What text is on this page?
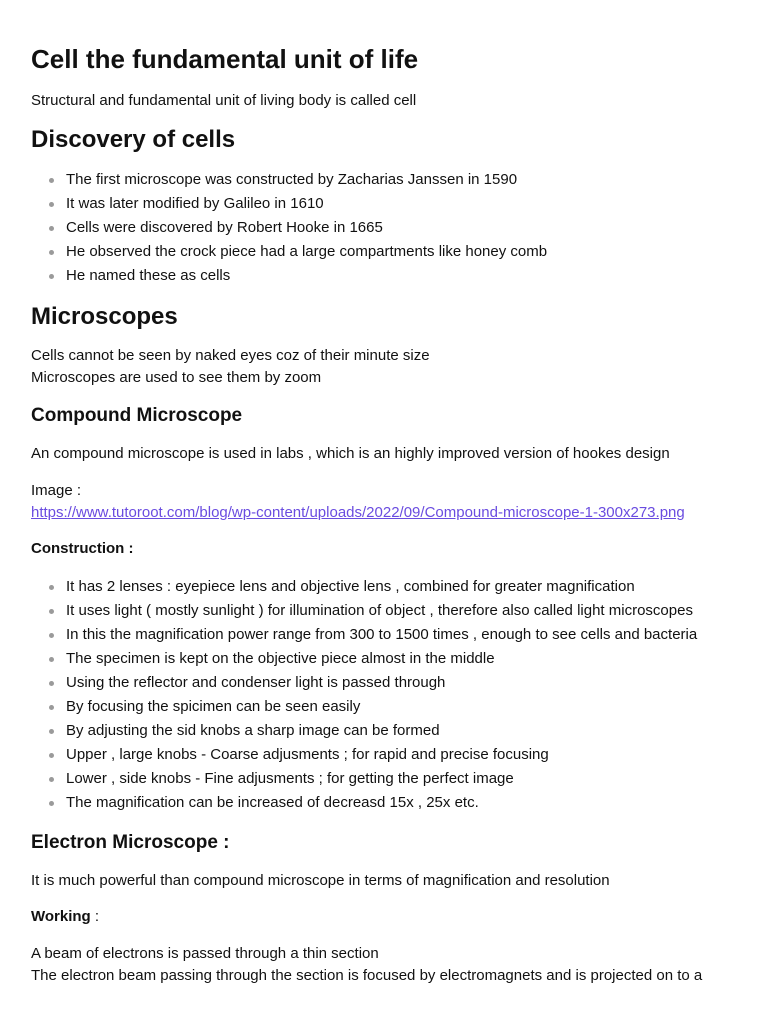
Cell the fundamental unit of life

Structural and fundamental unit of living body is called cell

Discovery of cells
The first microscope was constructed by Zacharias Janssen in 1590
It was later modified by Galileo in 1610
Cells were discovered by Robert Hooke in 1665
He observed the crock piece had a large compartments like honey comb
He named these as cells
Microscopes

Cells cannot be seen by naked eyes coz of their minute size

Microscopes are used to see them by zoom

Compound Microscope

An compound microscope is used in labs , which is an highly improved version of hookes design

Image :

https://www.tutoroot.com/blog/wp-content/uploads/2022/09/Compound-microscope-1-300x273.png

Construction :

It has 2 lenses : eyepiece lens and objective lens , combined for greater magnification
It uses light ( mostly sunlight ) for illumination of object , therefore also called light microscopes
In this the magnification power range from 300 to 1500 times , enough to see cells and bacteria
The specimen is kept on the objective piece almost in the middle
Using the reflector and condenser light is passed through
By focusing the spicimen can be seen easily
By adjusting the sid knobs a sharp image can be formed
Upper , large knobs - Coarse adjusments ; for rapid and precise focusing
Lower , side knobs - Fine adjusments ; for getting the perfect image
The magnification can be increased of decreasd 15x , 25x etc.
Electron Microscope :

It is much powerful than compound microscope in terms of magnification and resolution

Working :

A beam of electrons is passed through a thin section

The electron beam passing through the section is focused by electromagnets and is projected on to a
